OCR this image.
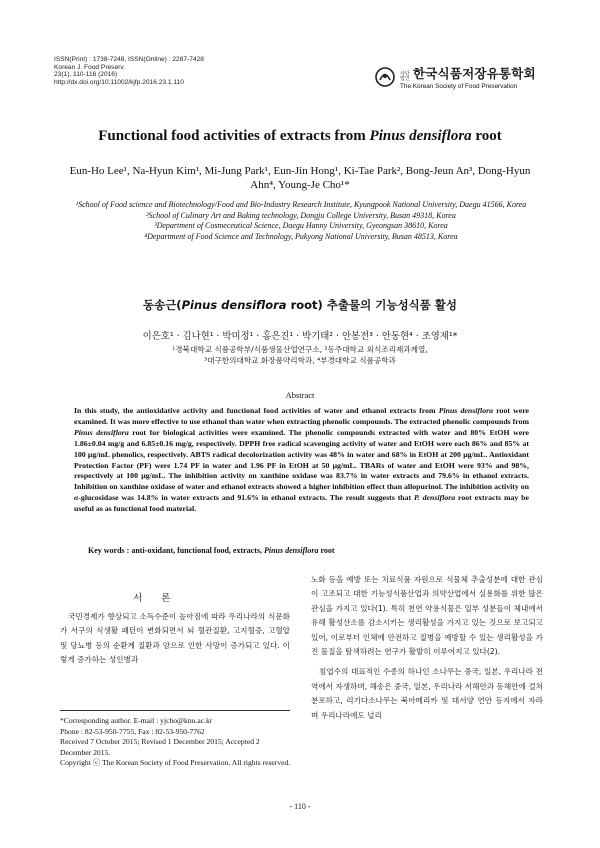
ISSN(Print) : 1738-7248, ISSN(Online) : 2287-7428
Korean J. Food Preserv.
23(1), 110-116 (2016)
http://dx.doi.org/10.11002/kjfp.2016.23.1.110
사단법인 한국식품저장유통학회
The Korean Society of Food Preservation
Functional food activities of extracts from Pinus densiflora root
Eun-Ho Lee¹, Na-Hyun Kim¹, Mi-Jung Park¹, Eun-Jin Hong¹, Ki-Tae Park², Bong-Jeun An³, Dong-Hyun Ahn⁴, Young-Je Cho¹*
¹School of Food science and Biotechnology/Food and Bio-Industry Research Institute, Kyungpook National University, Daegu 41566, Korea
²School of Culinary Art and Baking technology, Dongju College University, Busan 49318, Korea
³Department of Cosmeceutical Science, Daegu Hanny University, Gyeongsan 38610, Korea
⁴Department of Food Science and Technology, Pukyong National University, Busan 48513, Korea
동송근(Pinus densiflora root) 추출물의 기능성식품 활성
이은호¹ · 김나현¹ · 박미정¹ · 홍은진¹ · 박기태² · 안봉전³ · 안동현⁴ · 조영제¹*
¹경북대학교 식품공학부/식품생물산업연구소, ²동주대학교 외식조리제과계열,
³대구한의대학교 화장품약리학과, ⁴부경대학교 식품공학과
Abstract
In this study, the antioxidative activity and functional food activities of water and ethanol extracts from Pinus densiflora root were examined. It was more effective to use ethanol than water when extracting phenolic compounds. The extracted phenolic compounds from Pinus densiflora root for biological activities were examined. The phenolic compounds extracted with water and 80% EtOH were 1.86±0.04 mg/g and 6.85±0.16 mg/g, respectively. DPPH free radical scavenging activity of water and EtOH were each 86% and 85% at 100 μg/mL phenolics, respectively. ABTS radical decolorization activity was 48% in water and 68% in EtOH at 200 μg/mL. Antioxidant Protection Factor (PF) were 1.74 PF in water and 1.96 PF in EtOH at 50 μg/mL. TBARs of water and EtOH were 93% and 98%, respectively at 100 μg/mL. The inhibition activity on xanthine oxidase was 83.7% in water extracts and 79.6% in ethanol extracts. Inhibition on xanthine oxidase of water and ethanol extracts showed a higher inhibition effect than allopurinol. The inhibition activity on α-glucosidase was 14.8% in water extracts and 91.6% in ethanol extracts. The result suggests that P. densiflora root extracts may be useful as as functional food material.
Key words : anti-oxidant, functional food, extracts, Pinus densiflora root
서 론

국민경제가 향상되고 소득수준이 높아짐에 따라 우리나라의 식문화가 서구의 식생활 패턴이 변화되면서 뇌 혈관질환, 고지혈증, 고혈압 및 당뇨병 등의 순환계 질환과 암으로 인한 사망이 증가되고 있다. 이렇게 증가하는 성인병과

노화 등을 예방 또는 치료식품 자원으로 식물체 추출성분에 대한 관심이 고조되고 대한 기능성식품산업과 의약산업에서 실용화를 위한 많은 관심을 가지고 있다(1). 특히 천연 약용식물은 일부 성분들이 체내에서 유해 활성산소를 감소시키는 생리활성을 가지고 있는 것으로 보고되고 있어, 이로부터 인체에 안전하고 질병을 예방할 수 있는 생리활성을 가진 물질을 탐색하려는 연구가 활발히 이루어지고 있다(2).

침엽수의 대표적인 수종의 하나인 소나무는 중국, 일본, 우리나라 전역에서 자생하며, 해송은 중국, 일본, 우리나라 서해안과 동해안에 걸쳐 분포하고, 리기다소나무는 북아메리카 및 대서양 연안 등지에서 자라며 우리나라에도 널리

*Corresponding author. E-mail : yjcho@knu.ac.kr
Phone : 82-53-950-7755, Fax : 82-53-950-7762
Received 7 October 2015; Revised 1 December 2015; Accepted 2 December 2015.
Copyright ⓒ The Korean Society of Food Preservation. All rights reserved.
- 110 -
